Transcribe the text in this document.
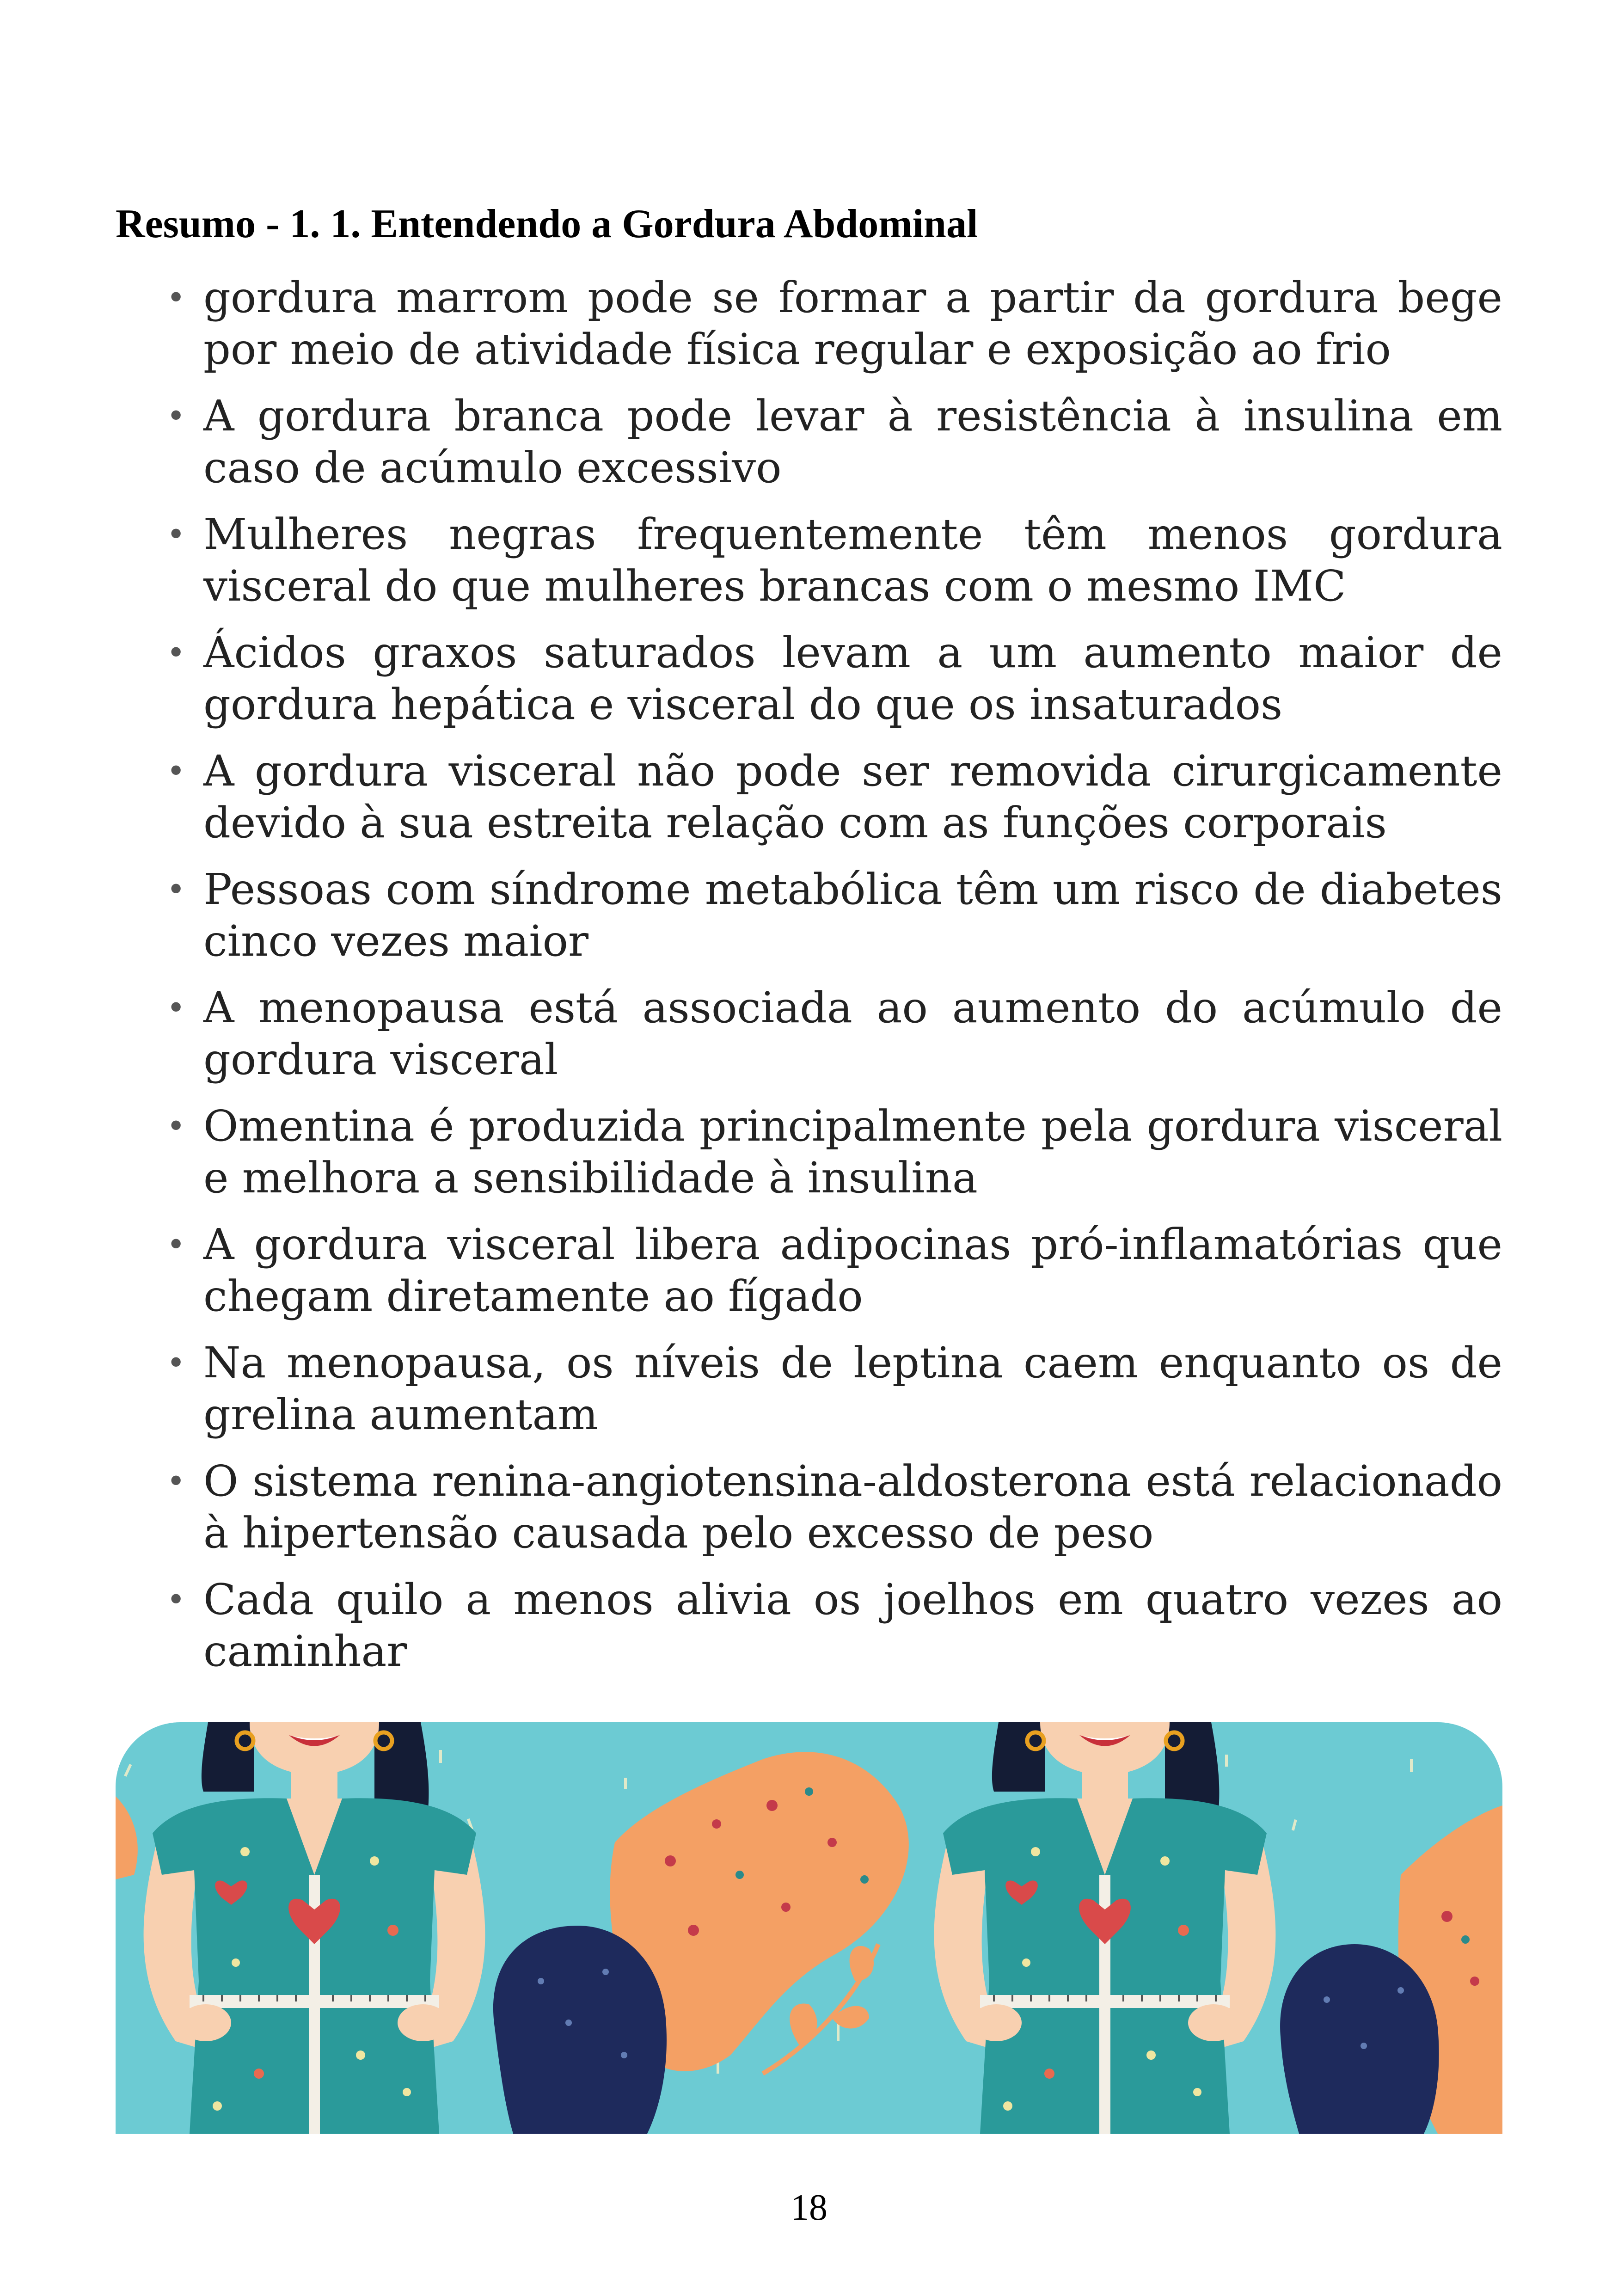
Resumo - 1. 1. Entendendo a Gordura Abdominal
• gordura marrom pode se formar a partir da gordura bege por meio de atividade física regular e exposição ao frio
• A gordura branca pode levar à resistência à insulina em caso de acúmulo excessivo
• Mulheres negras frequentemente têm menos gordura visceral do que mulheres brancas com o mesmo IMC
• Ácidos graxos saturados levam a um aumento maior de gordura hepática e visceral do que os insaturados
• A gordura visceral não pode ser removida cirurgicamente devido à sua estreita relação com as funções corporais
• Pessoas com síndrome metabólica têm um risco de diabetes cinco vezes maior
• A menopausa está associada ao aumento do acúmulo de gordura visceral
• Omentina é produzida principalmente pela gordura visceral e melhora a sensibilidade à insulina
• A gordura visceral libera adipocinas pró-inflamatórias que chegam diretamente ao fígado
• Na menopausa, os níveis de leptina caem enquanto os de grelina aumentam
• O sistema renina-angiotensina-aldosterona está relacionado à hipertensão causada pelo excesso de peso
• Cada quilo a menos alivia os joelhos em quatro vezes ao caminhar
18
